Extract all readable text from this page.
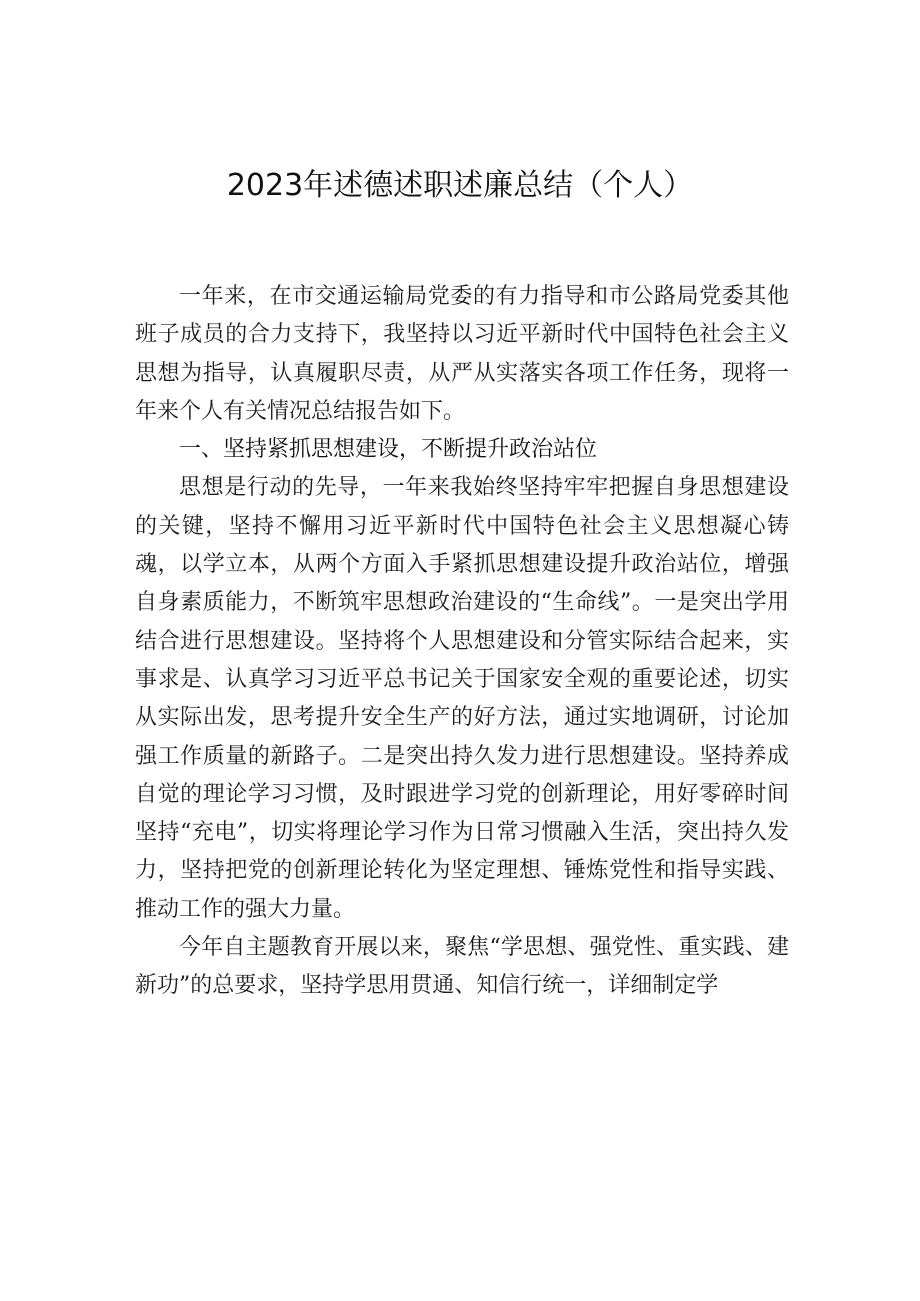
2023年述德述职述廉总结（个人）

一年来，在市交通运输局党委的有力指导和市公路局党委其他班子成员的合力支持下，我坚持以习近平新时代中国特色社会主义思想为指导，认真履职尽责，从严从实落实各项工作任务，现将一年来个人有关情况总结报告如下。

一、坚持紧抓思想建设，不断提升政治站位

思想是行动的先导，一年来我始终坚持牢牢把握自身思想建设的关键，坚持不懈用习近平新时代中国特色社会主义思想凝心铸魂，以学立本，从两个方面入手紧抓思想建设提升政治站位，增强自身素质能力，不断筑牢思想政治建设的“生命线”。一是突出学用结合进行思想建设。坚持将个人思想建设和分管实际结合起来，实事求是、认真学习习近平总书记关于国家安全观的重要论述，切实从实际出发，思考提升安全生产的好方法，通过实地调研，讨论加强工作质量的新路子。二是突出持久发力进行思想建设。坚持养成自觉的理论学习习惯，及时跟进学习党的创新理论，用好零碎时间坚持“充电”，切实将理论学习作为日常习惯融入生活，突出持久发力，坚持把党的创新理论转化为坚定理想、锤炼党性和指导实践、推动工作的强大力量。

今年自主题教育开展以来，聚焦“学思想、强党性、重实践、建新功”的总要求，坚持学思用贯通、知信行统一，详细制定学
